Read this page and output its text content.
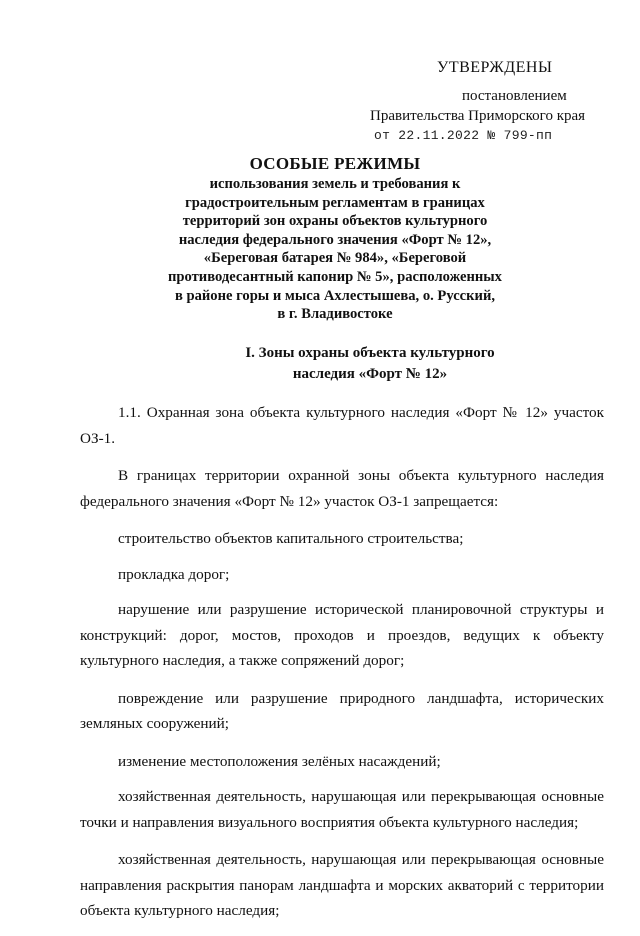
УТВЕРЖДЕНЫ
постановлением
Правительства Приморского края
от 22.11.2022 № 799-пп
ОСОБЫЕ РЕЖИМЫ
использования земель и требования к
градостроительным регламентам в границах
территорий зон охраны объектов культурного
наследия федерального значения «Форт № 12»,
«Береговая батарея № 984», «Береговой
противодесантный капонир № 5», расположенных
в районе горы и мыса Ахлестышева, о. Русский,
в г. Владивостоке
I. Зоны охраны объекта культурного
наследия «Форт № 12»

1.1. Охранная зона объекта культурного наследия «Форт № 12» участок ОЗ-1.

В границах территории охранной зоны объекта культурного наследия федерального значения «Форт № 12» участок ОЗ-1 запрещается:

строительство объектов капитального строительства;

прокладка дорог;

нарушение или разрушение исторической планировочной структуры и конструкций: дорог, мостов, проходов и проездов, ведущих к объекту культурного наследия, а также сопряжений дорог;

повреждение или разрушение природного ландшафта, исторических земляных сооружений;

изменение местоположения зелёных насаждений;

хозяйственная деятельность, нарушающая или перекрывающая основные точки и направления визуального восприятия объекта культурного наследия;

хозяйственная деятельность, нарушающая или перекрывающая основные направления раскрытия панорам ландшафта и морских акваторий с территории объекта культурного наследия;
